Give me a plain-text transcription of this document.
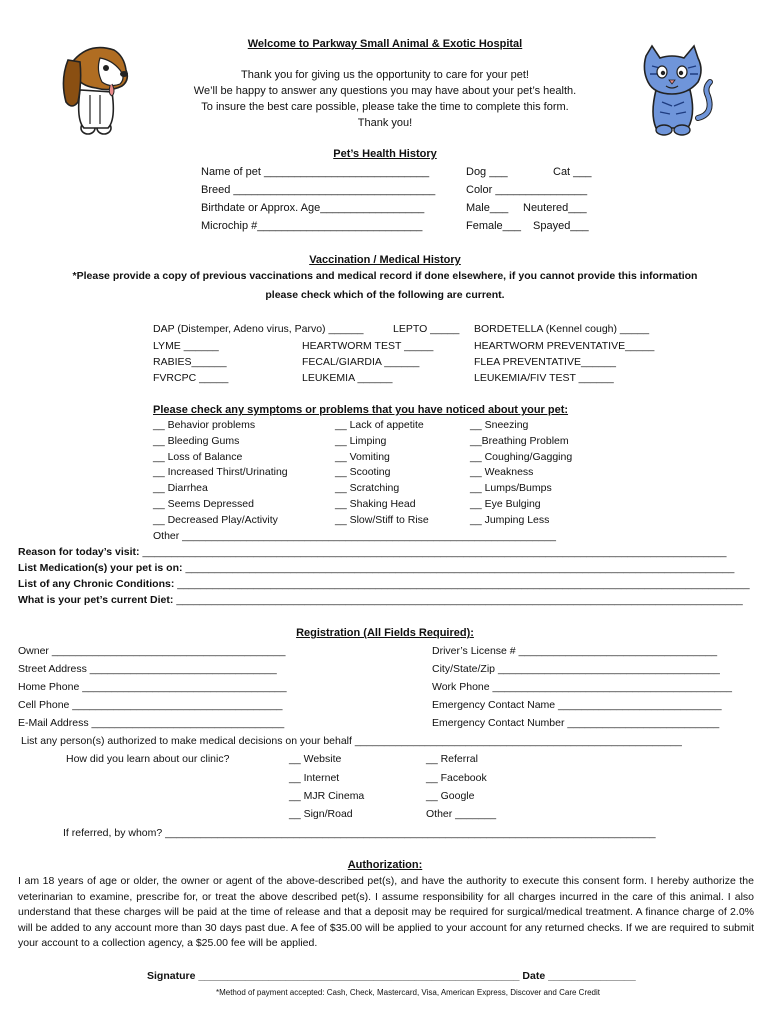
Welcome to Parkway Small Animal & Exotic Hospital
Thank you for giving us the opportunity to care for your pet!
We’ll be happy to answer any questions you may have about your pet’s health.
To insure the best care possible, please take the time to complete this form.
Thank you!
Pet’s Health History
Name of pet ___________________________
Breed _________________________________
Birthdate or Approx. Age_________________
Microchip #___________________________
Dog ___	Cat ___
Color _______________
Male___ Neutered___
Female___ Spayed___
Vaccination / Medical History
*Please provide a copy of previous vaccinations and medical record if done elsewhere, if you cannot provide this information
please check which of the following are current.
DAP (Distemper, Adeno virus, Parvo) ______
LYME ______
RABIES______
FVRCPC _____
LEPTO _____
HEARTWORM TEST _____
FECAL/GIARDIA ______
LEUKEMIA ______
BORDETELLA (Kennel cough) _____
HEARTWORM PREVENTATIVE_____
FLEA PREVENTATIVE______
LEUKEMIA/FIV TEST ______
Please check any symptoms or problems that you have noticed about your pet:
__ Behavior problems
__ Bleeding Gums
__ Loss of Balance
__ Increased Thirst/Urinating
__ Diarrhea
__ Seems Depressed
__ Decreased Play/Activity
__ Lack of appetite
__ Limping
__ Vomiting
__ Scooting
__ Scratching
__ Shaking Head
__ Slow/Stiff to Rise
__ Sneezing
__Breathing Problem
__ Coughing/Gagging
__ Weakness
__ Lumps/Bumps
__ Eye Bulging
__ Jumping Less
Other ________________________________________________________________
Reason for today’s visit: ____________________________________________________________________________________________________
List Medication(s) your pet is on: ______________________________________________________________________________________________
List of any Chronic Conditions: __________________________________________________________________________________________________
What is your pet’s current Diet: _________________________________________________________________________________________________
Registration (All Fields Required):
Owner ________________________________________
Street Address ________________________________
Home Phone ___________________________________
Cell Phone ____________________________________
E-Mail Address _________________________________
Driver’s License # __________________________________
City/State/Zip ______________________________________
Work Phone _________________________________________
Emergency Contact Name ____________________________
Emergency Contact Number __________________________
List any person(s) authorized to make medical decisions on your behalf ________________________________________________________
How did you learn about our clinic?	__ Website
__ Internet
__ MJR Cinema
__ Sign/Road
__ Referral
__ Facebook
__ Google
Other _______
If referred, by whom? ____________________________________________________________________________________
Authorization:
I am 18 years of age or older, the owner or agent of the above-described pet(s), and have the authority to execute this consent form. I hereby authorize the veterinarian to examine, prescribe for, or treat the above described pet(s). I assume responsibility for all charges incurred in the care of this animal. I also understand that these charges will be paid at the time of release and that a deposit may be required for surgical/medical treatment. A finance charge of 2.0% will be added to any account more than 30 days past due. A fee of $35.00 will be applied to your account for any returned checks. If we are required to submit your account to a collection agency, a $25.00 fee will be applied.
Signature _______________________________________________________ Date _______________
*Method of payment accepted: Cash, Check, Mastercard, Visa, American Express, Discover and Care Credit
